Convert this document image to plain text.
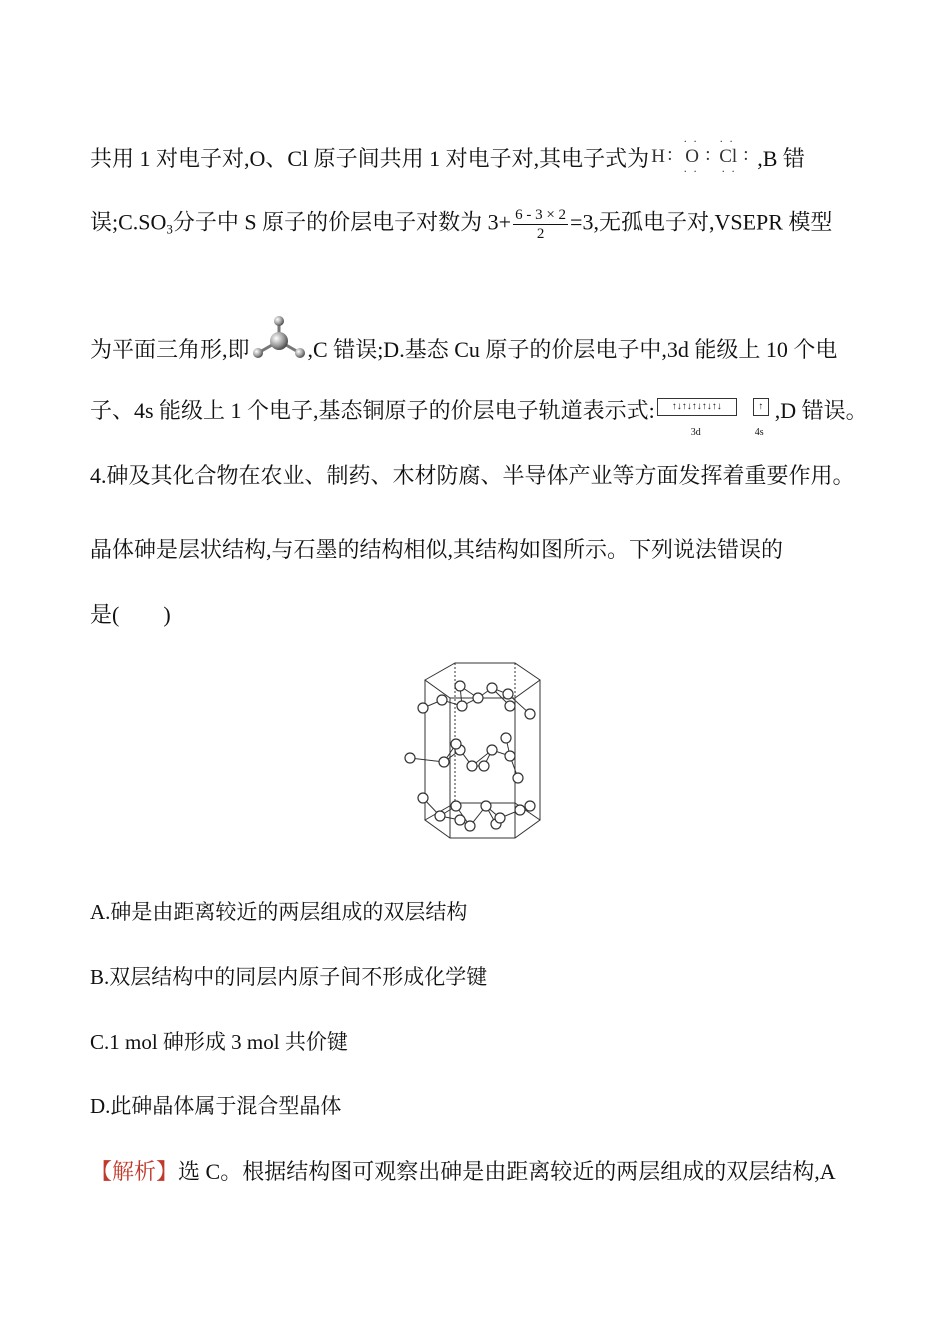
共用 1 对电子对,O、Cl 原子间共用 1 对电子对,其电子式为 H :
··
O
··
:
··
Cl :
·· ,B 错
误$;C.SO_3$分子中 S 原子的价层电子对数为 $3+ \frac{6 - 3 \times 2}{2} =3$,无孤电子对,VSEPR 模型
为平面三角形,即	,C 错误;D.基态 Cu 原子的价层电子中,3d 能级上 10 个电
子、4s 能级上 1 个电子,基态铜原子的价层电子轨道表示式:	↑↓↑↓↑↓↑↓↑↓
3d
↑
4s
,D 错误。
4.砷及其化合物在农业、制药、木材防腐、半导体产业等方面发挥着重要作用。
晶体砷是层状结构,与石墨的结构相似,其结构如图所示。下列说法错误的
是(　　)
A.砷是由距离较近的两层组成的双层结构
B.双层结构中的同层内原子间不形成化学键
C.1 mol 砷形成 3 mol 共价键
D.此砷晶体属于混合型晶体
【解析】选 C。根据结构图可观察出砷是由距离较近的两层组成的双层结构,A
